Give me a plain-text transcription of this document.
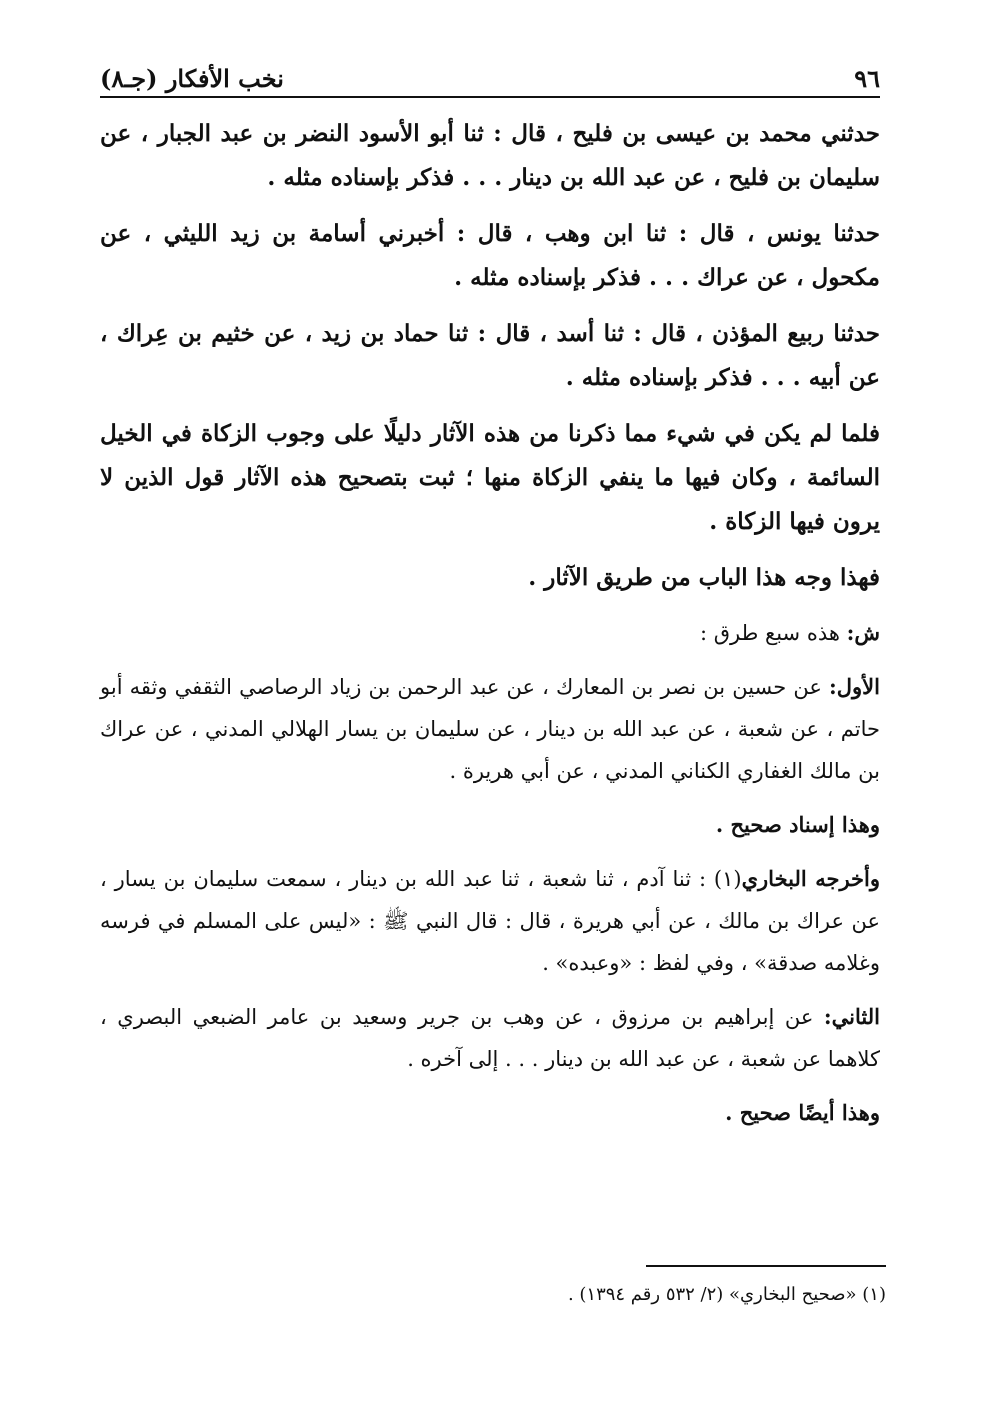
٩٦
نخب الأفكار (جـ٨)

حدثني محمد بن عيسى بن فليح ، قال : ثنا أبو الأسود النضر بن عبد الجبار ، عن سليمان بن فليح ، عن عبد الله بن دينار . . . فذكر بإسناده مثله .

حدثنا يونس ، قال : ثنا ابن وهب ، قال : أخبرني أسامة بن زيد الليثي ، عن مكحول ، عن عراك . . . فذكر بإسناده مثله .

حدثنا ربيع المؤذن ، قال : ثنا أسد ، قال : ثنا حماد بن زيد ، عن خثيم بن عِراك ، عن أبيه . . . فذكر بإسناده مثله .

فلما لم يكن في شيء مما ذكرنا من هذه الآثار دليلًا على وجوب الزكاة في الخيل السائمة ، وكان فيها ما ينفي الزكاة منها ؛ ثبت بتصحيح هذه الآثار قول الذين لا يرون فيها الزكاة .

فهذا وجه هذا الباب من طريق الآثار .

ش: هذه سبع طرق :

الأول: عن حسين بن نصر بن المعارك ، عن عبد الرحمن بن زياد الرصاصي الثقفي وثقه أبو حاتم ، عن شعبة ، عن عبد الله بن دينار ، عن سليمان بن يسار الهلالي المدني ، عن عراك بن مالك الغفاري الكناني المدني ، عن أبي هريرة .

وهذا إسناد صحيح .

وأخرجه البخاري(١) : ثنا آدم ، ثنا شعبة ، ثنا عبد الله بن دينار ، سمعت سليمان بن يسار ، عن عراك بن مالك ، عن أبي هريرة ، قال : قال النبي ﷺ : «ليس على المسلم في فرسه وغلامه صدقة» ، وفي لفظ : «وعبده» .

الثاني: عن إبراهيم بن مرزوق ، عن وهب بن جرير وسعيد بن عامر الضبعي البصري ، كلاهما عن شعبة ، عن عبد الله بن دينار . . . إلى آخره .

وهذا أيضًا صحيح .

(١) «صحيح البخاري» (٢/ ٥٣٢ رقم ١٣٩٤) .
